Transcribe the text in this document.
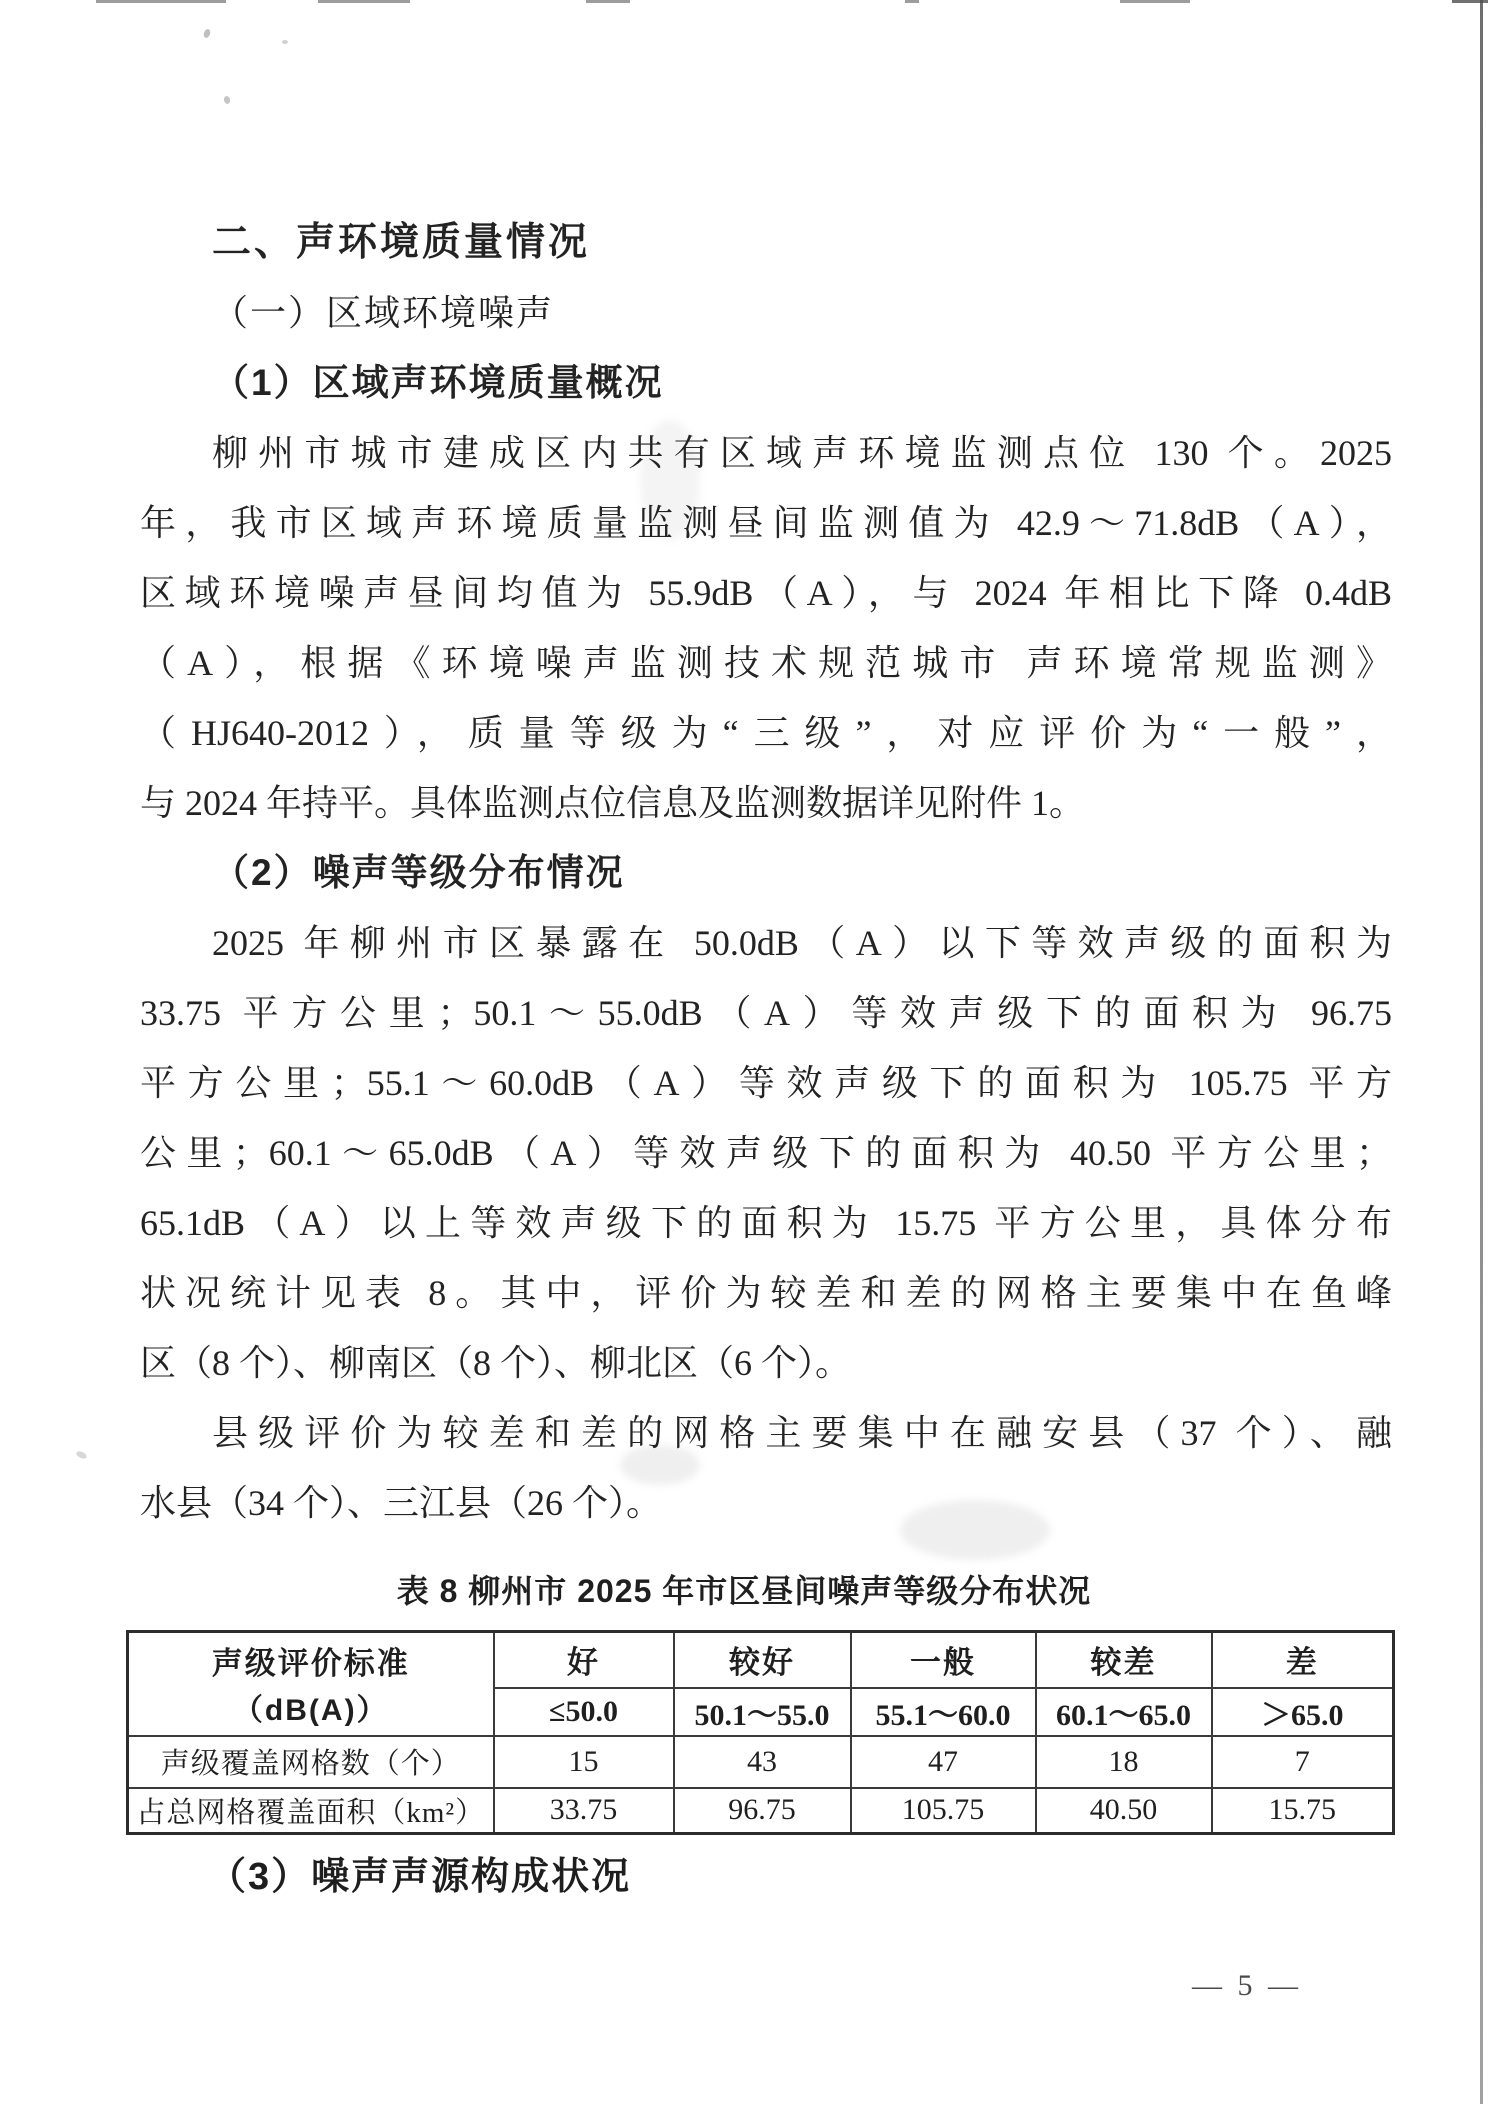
二、声环境质量情况
（一）区域环境噪声
（1）区域声环境质量概况
柳州市城市建成区内共有区域声环境监测点位 130 个。2025
年，我市区域声环境质量监测昼间监测值为 42.9～71.8dB（A），
区域环境噪声昼间均值为 55.9dB（A），与 2024 年相比下降 0.4dB
（A），根据《环境噪声监测技术规范城市 声环境常规监测》
（HJ640-2012），质量等级为“三级”，对应评价为“一般”，
与 2024 年持平。具体监测点位信息及监测数据详见附件 1。
（2）噪声等级分布情况
2025 年柳州市区暴露在 50.0dB（A）以下等效声级的面积为
33.75 平方公里；50.1～55.0dB（A）等效声级下的面积为 96.75
平方公里；55.1～60.0dB（A）等效声级下的面积为 105.75 平方
公里；60.1～65.0dB（A）等效声级下的面积为 40.50 平方公里；
65.1dB（A）以上等效声级下的面积为 15.75 平方公里，具体分布
状况统计见表 8。其中，评价为较差和差的网格主要集中在鱼峰
区（8 个）、柳南区（8 个）、柳北区（6 个）。
县级评价为较差和差的网格主要集中在融安县（37 个）、融
水县（34 个）、三江县（26 个）。
表 8 柳州市 2025 年市区昼间噪声等级分布状况
声级评价标准
（dB(A)）	好	较好	一般	较差	差
	≤50.0	50.1～55.0	55.1～60.0	60.1～65.0	＞65.0
声级覆盖网格数（个）	15	43	47	18	7
占总网格覆盖面积（km²）	33.75	96.75	105.75	40.50	15.75
（3）噪声声源构成状况
— 5 —
